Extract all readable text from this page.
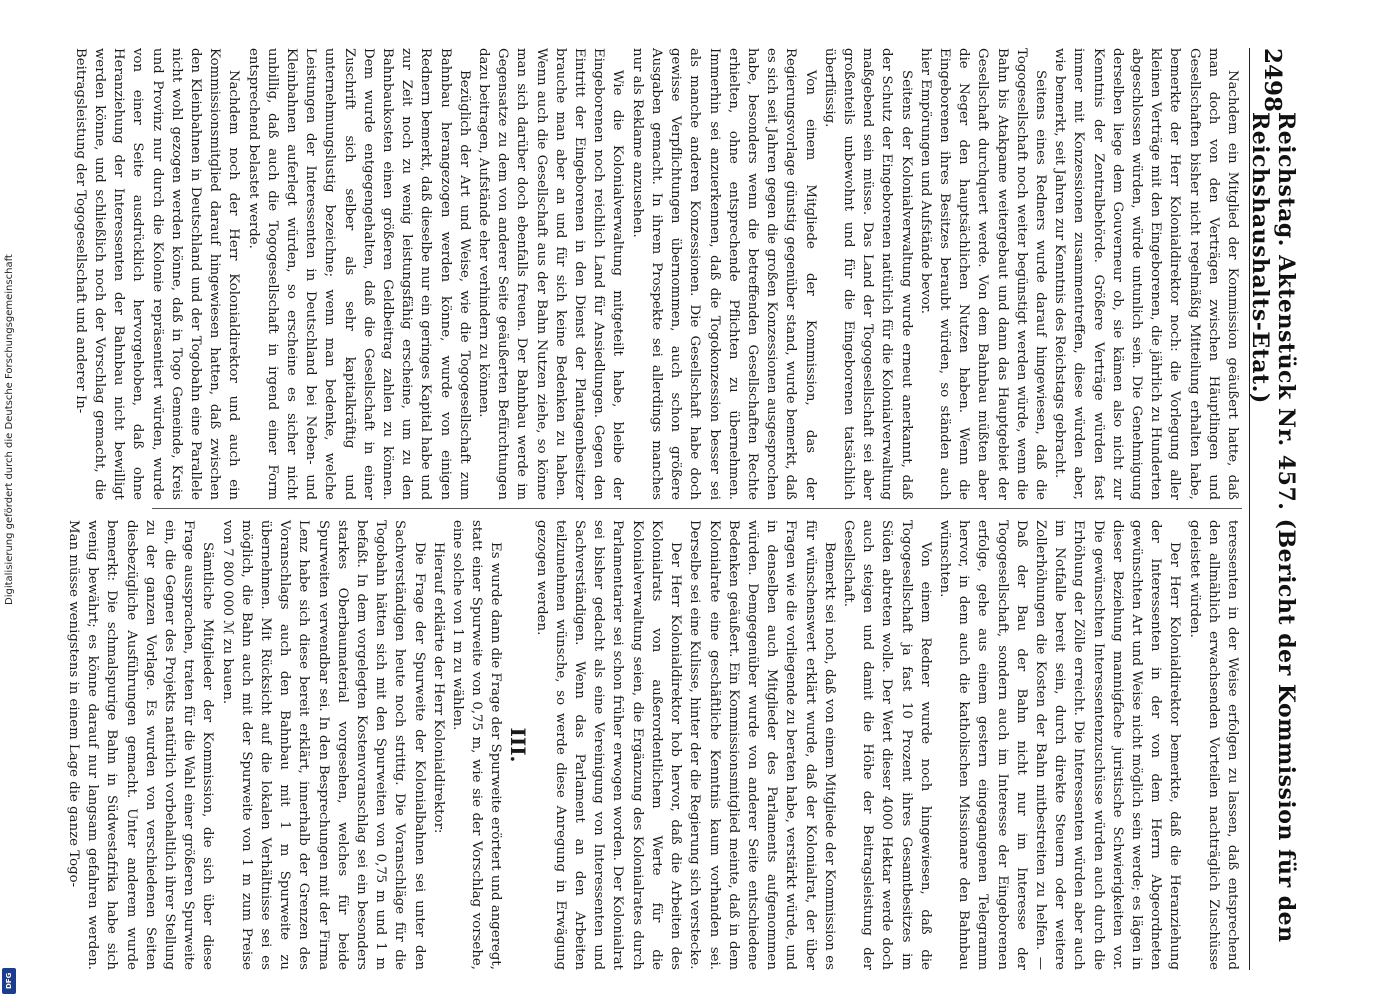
2498
Reichstag. Aktenstück Nr. 457. (Bericht der Kommission für den Reichshaushalts-Etat.)

Nachdem ein Mitglied der Kommission geäußert hatte, daß man doch von den Verträgen zwischen Häuptlingen und Gesellschaften bisher nicht regelmäßig Mitteilung erhalten habe, bemerkte der Herr Kolonialdirektor noch: die Vorlegung aller kleinen Verträge mit den Eingeborenen, die jährlich zu Hunderten abgeschlossen würden, würde untunlich sein. Die Genehmigung derselben liege dem Gouverneur ob, sie kämen also nicht zur Kenntnis der Zentralbehörde. Größere Verträge würden fast immer mit Konzessionen zusammentreffen, diese würden aber, wie bemerkt, seit Jahren zur Kenntnis des Reichstags gebracht.

Seitens eines Redners wurde darauf hingewiesen, daß die Togogesellschaft noch weiter begünstigt werden würde, wenn die Bahn bis Atakpame weitergebaut und dann das Hauptgebiet der Gesellschaft durchquert werde. Von dem Bahnbau müßten aber die Neger den hauptsächlichen Nutzen haben. Wenn die Eingeborenen ihres Besitzes beraubt würden, so ständen auch hier Empörungen und Aufstände bevor.

Seitens der Kolonialverwaltung wurde erneut anerkannt, daß der Schutz der Eingeborenen natürlich für die Kolonialverwaltung maßgebend sein müsse. Das Land der Togogesellschaft sei aber großenteils unbewohnt und für die Eingeborenen tatsächlich überflüssig.

Von einem Mitgliede der Kommission, das der Regierungsvorlage günstig gegenüber stand, wurde bemerkt, daß es sich seit Jahren gegen die großen Konzessionen ausgesprochen habe, besonders wenn die betreffenden Gesellschaften Rechte erhielten, ohne entsprechende Pflichten zu übernehmen. Immerhin sei anzuerkennen, daß die Togokonzession besser sei als manche anderen Konzessionen. Die Gesellschaft habe doch gewisse Verpflichtungen übernommen, auch schon größere Ausgaben gemacht. In ihrem Prospekte sei allerdings manches nur als Reklame anzusehen.

Wie die Kolonialverwaltung mitgeteilt habe, bleibe der Eingeborenen noch reichlich Land für Ansiedlungen. Gegen den Eintritt der Eingeborenen in den Dienst der Plantagenbesitzer brauche man aber an und für sich keine Bedenken zu haben. Wenn auch die Gesellschaft aus der Bahn Nutzen ziehe, so könne man sich darüber doch ebenfalls freuen. Der Bahnbau werde im Gegensatze zu dem von anderer Seite geäußerten Befürchtungen dazu beitragen, Aufstände eher verhindern zu können.

Bezüglich der Art und Weise, wie die Togogesellschaft zum Bahnbau herangezogen werden könne, wurde von einigen Rednern bemerkt, daß dieselbe nur ein geringes Kapital habe und zur Zeit noch zu wenig leistungsfähig erscheine, um zu den Bahnbaukosten einen größeren Geldbeitrag zahlen zu können. Dem wurde entgegengehalten, daß die Gesellschaft in einer Zuschrift sich selber als sehr kapitalkräftig und unternehmungslustig bezeichne; wenn man bedenke, welche Leistungen der Interessenten in Deutschland bei Neben- und Kleinbahnen auferlegt würden, so erscheine es sicher nicht unbillig, daß auch die Togogesellschaft in irgend einer Form entsprechend belastet werde.

Nachdem noch der Herr Kolonialdirektor und auch ein Kommissionsmitglied darauf hingewiesen hatten, daß zwischen den Kleinbahnen in Deutschland und der Togobahn eine Parallele nicht wohl gezogen werden könne, daß in Togo Gemeinde, Kreis und Provinz nur durch die Kolonie repräsentiert würden, wurde von einer Seite ausdrücklich hervorgehoben, daß ohne Heranziehung der Interessenten der Bahnbau nicht bewilligt werden könne, und schließlich noch der Vorschlag gemacht, die Beitragsleistung der Togogesellschaft und anderer In-

teressenten in der Weise erfolgen zu lassen, daß entsprechend den allmählich erwachsenden Vorteilen nachträglich Zuschüsse geleistet würden.

Der Herr Kolonialdirektor bemerkte, daß die Heranziehung der Interessenten in der von dem Herrn Abgeordneten gewünschten Art und Weise nicht möglich sein werde; es lägen in dieser Beziehung mannigfache juristische Schwierigkeiten vor. Die gewünschten Interessentenzuschüsse würden auch durch die Erhöhung der Zölle erreicht. Die Interessenten würden aber auch im Notfalle bereit sein, durch direkte Steuern oder weitere Zollerhöhungen die Kosten der Bahn mitbestreiten zu helfen. — Daß der Bau der Bahn nicht nur im Interesse der Togogesellschaft, sondern auch im Interesse der Eingeborenen erfolge, gehe aus einem gestern eingegangenen Telegramm hervor, in dem auch die katholischen Missionare den Bahnbau wünschten.

Von einem Redner wurde noch hingewiesen, daß die Togogesellschaft ja fast 10 Prozent ihres Gesamtbesitzes im Süden abtreten wolle. Der Wert dieser 4000 Hektar werde doch auch steigen und damit die Höhe der Beitragsleistung der Gesellschaft.

Bemerkt sei noch, daß von einem Mitgliede der Kommission es für wünschenswert erklärt wurde, daß der Kolonialrat, der über Fragen wie die vorliegende zu beraten habe, verstärkt würde, und in denselben auch Mitglieder des Parlaments aufgenommen würden. Demgegenüber wurde von anderer Seite entschiedene Bedenken geäußert. Ein Kommissionsmitglied meinte, daß in dem Kolonialrate eine geschäftliche Kenntnis kaum vorhanden sei. Derselbe sei eine Kulisse, hinter der die Regierung sich verstecke.

Der Herr Kolonialdirektor hob hervor, daß die Arbeiten des Kolonialrats von außerordentlichem Werte für die Kolonialverwaltung seien, die Ergänzung des Kolonialrates durch Parlamentarier sei schon früher erwogen worden. Der Kolonialrat sei bisher gedacht als eine Vereinigung von Interessenten und Sachverständigen. Wenn das Parlament an den Arbeiten teilzunehmen wünsche, so werde diese Anregung in Erwägung gezogen werden.

III.

Es wurde dann die Frage der Spurweite erörtert und angeregt, statt einer Spurweite von 0,75 m, wie sie der Vorschlag vorsehe, eine solche von 1 m zu wählen.

Hierauf erklärte der Herr Kolonialdirektor:

Die Frage der Spurweite der Kolonialbahnen sei unter den Sachverständigen heute noch strittig. Die Voranschläge für die Togobahn hätten sich mit den Spurweiten von 0,75 m und 1 m befaßt. In dem vorgelegten Kostenvoranschlag sei ein besonders starkes Oberbaumaterial vorgesehen, welches für beide Spurweiten verwendbar sei. In den Besprechungen mit der Firma Lenz habe sich diese bereit erklärt, innerhalb der Grenzen des Voranschlags auch den Bahnbau mit 1 m Spurweite zu übernehmen. Mit Rücksicht auf die lokalen Verhältnisse sei es möglich, die Bahn auch mit der Spurweite von 1 m zum Preise von 7 800 000 ℳ zu bauen.

Sämtliche Mitglieder der Kommission, die sich über diese Frage aussprachen, traten für die Wahl einer größeren Spurweite ein, die Gegner des Projekts natürlich vorbehaltlich ihrer Stellung zu der ganzen Vorlage. Es wurden von verschiedenen Seiten diesbezügliche Ausführungen gemacht. Unter anderem wurde bemerkt: Die schmalspurige Bahn in Südwestafrika habe sich wenig bewährt; es könne darauf nur langsam gefahren werden. Man müsse wenigstens in einem Lage die ganze Togo-

Digitalisierung gefördert durch die Deutsche Forschungsgemeinschaft
DFG
